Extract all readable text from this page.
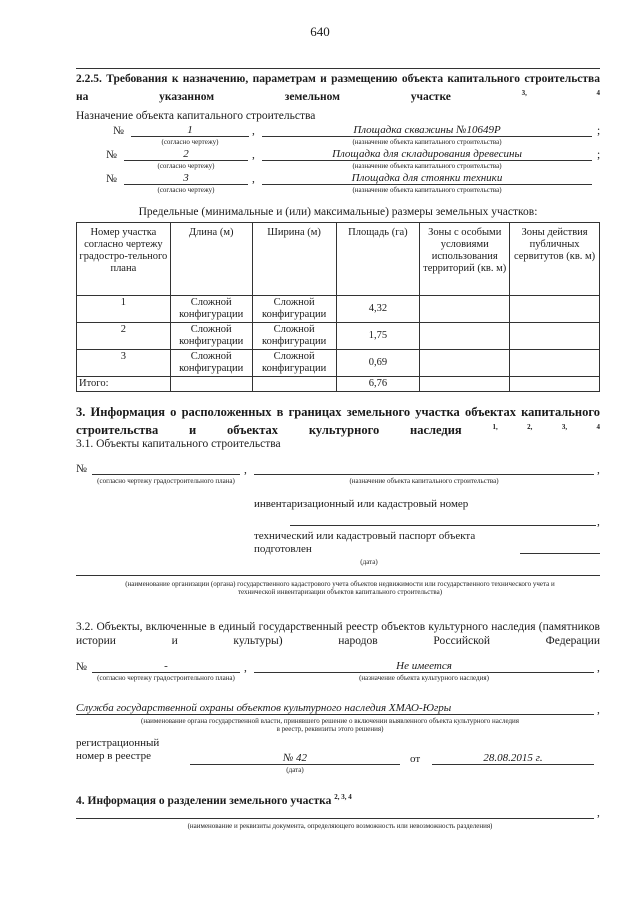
640
2.2.5. Требования к назначению, параметрам и размещению объекта капитального строительства на указанном земельном участке	$^{3, 4}$
Назначение объекта капитального строительства
№	1	,	Площадка скважины №10649Р	;
(согласно чертежу)	(назначение объекта капитального строительства)
№	2	,	Площадка для складирования древесины	;
(согласно чертежу)	(назначение объекта капитального строительства)
№	3	,	Площадка для стоянки техники
(согласно чертежу)	(назначение объекта капитального строительства)
Предельные (минимальные и (или) максимальные) размеры земельных участков:
Номер участка согласно чертежу градостро-тельного плана	Длина (м)	Ширина (м)	Площадь (га)	Зоны с особыми условиями использования территорий (кв. м)	Зоны действия публичных сервитутов (кв. м)
1	Сложной конфигурации	Сложной конфигурации	4,32		
2	Сложной конфигурации	Сложной конфигурации	1,75		
3	Сложной конфигурации	Сложной конфигурации	0,69		
Итого:			6,76		
3. Информация о расположенных в границах земельного участка объектах капитального строительства и объектах культурного наследия	$^{1, 2, 3, 4}$
3.1. Объекты капитального строительства
№	,	,
(согласно чертежу градостроительного плана)	(назначение объекта капитального строительства)
инвентаризационный или кадастровый номер
,
технический или кадастровый паспорт объекта подготовлен
(дата)
(наименование организации (органа) государственного кадастрового учета объектов недвижимости или государственного технического учета и технической инвентаризации объектов капитального строительства)
3.2. Объекты, включенные в единый государственный реестр объектов культурного наследия (памятников истории и культуры) народов Российской Федерации
№	-	,	Не имеется	,
(согласно чертежу градостроительного плана)	(назначение объекта культурного наследия)
Служба государственной охраны объектов культурного наследия ХМАО-Югры	,
(наименование органа государственной власти, принявшего решение о включении выявленного объекта культурного наследия в реестр, реквизиты этого решения)
регистрационный номер в реестре	№ 42	от	28.08.2015 г.
(дата)
4. Информация о разделении земельного участка $^{2, 3, 4}$
,
(наименование и реквизиты документа, определяющего возможность или невозможность разделения)
